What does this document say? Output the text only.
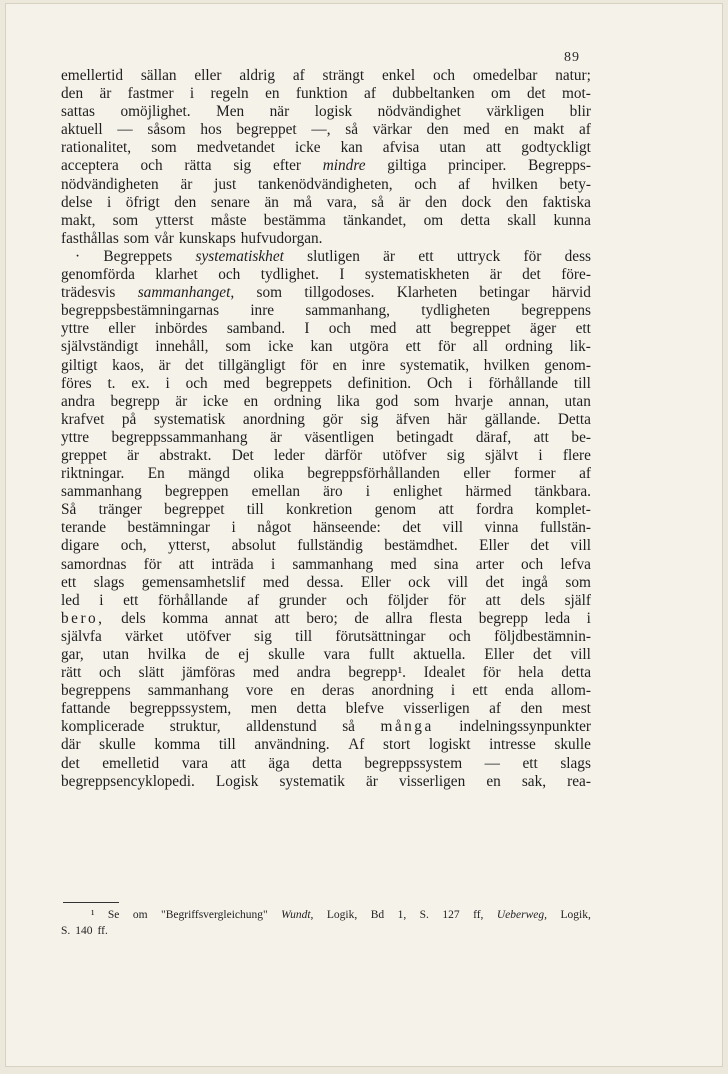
89
emellertid sällan eller aldrig af strängt enkel och omedelbar natur;
den är fastmer i regeln en funktion af dubbeltanken om det mot-
sattas omöjlighet. Men när logisk nödvändighet värkligen blir
aktuell — såsom hos begreppet —, så värkar den med en makt af
rationalitet, som medvetandet icke kan afvisa utan att godtyckligt
acceptera och rätta sig efter mindre giltiga principer. Begrepps-
nödvändigheten är just tankenödvändigheten, och af hvilken bety-
delse i öfrigt den senare än må vara, så är den dock den faktiska
makt, som ytterst måste bestämma tänkandet, om detta skall kunna
fasthållas som vår kunskaps hufvudorgan.
· Begreppets systematiskhet slutligen är ett uttryck för dess
genomförda klarhet och tydlighet. I systematiskheten är det före-
trädesvis sammanhanget, som tillgodoses. Klarheten betingar härvid
begreppsbestämningarnas inre sammanhang, tydligheten begreppens
yttre eller inbördes samband. I och med att begreppet äger ett
självständigt innehåll, som icke kan utgöra ett för all ordning lik-
giltigt kaos, är det tillgängligt för en inre systematik, hvilken genom-
föres t. ex. i och med begreppets definition. Och i förhållande till
andra begrepp är icke en ordning lika god som hvarje annan, utan
krafvet på systematisk anordning gör sig äfven här gällande. Detta
yttre begreppssammanhang är väsentligen betingadt däraf, att be-
greppet är abstrakt. Det leder därför utöfver sig självt i flere
riktningar. En mängd olika begreppsförhållanden eller former af
sammanhang begreppen emellan äro i enlighet härmed tänkbara.
Så tränger begreppet till konkretion genom att fordra komplet-
terande bestämningar i något hänseende: det vill vinna fullstän-
digare och, ytterst, absolut fullständig bestämdhet. Eller det vill
samordnas för att inträda i sammanhang med sina arter och lefva
ett slags gemensamhetslif med dessa. Eller ock vill det ingå som
led i ett förhållande af grunder och följder för att dels själf
bero, dels komma annat att bero; de allra flesta begrepp leda i
självfa värket utöfver sig till förutsättningar och följdbestämnin-
gar, utan hvilka de ej skulle vara fullt aktuella. Eller det vill
rätt och slätt jämföras med andra begrepp¹. Idealet för hela detta
begreppens sammanhang vore en deras anordning i ett enda allom-
fattande begreppssystem, men detta blefve visserligen af den mest
komplicerade struktur, alldenstund så många indelningssynpunkter
där skulle komma till användning. Af stort logiskt intresse skulle
det emelletid vara att äga detta begreppssystem — ett slags
begreppsencyklopedi. Logisk systematik är visserligen en sak, rea-
¹ Se om "Begriffsvergleichung" Wundt, Logik, Bd 1, S. 127 ff, Ueberweg, Logik,
S. 140 ff.
